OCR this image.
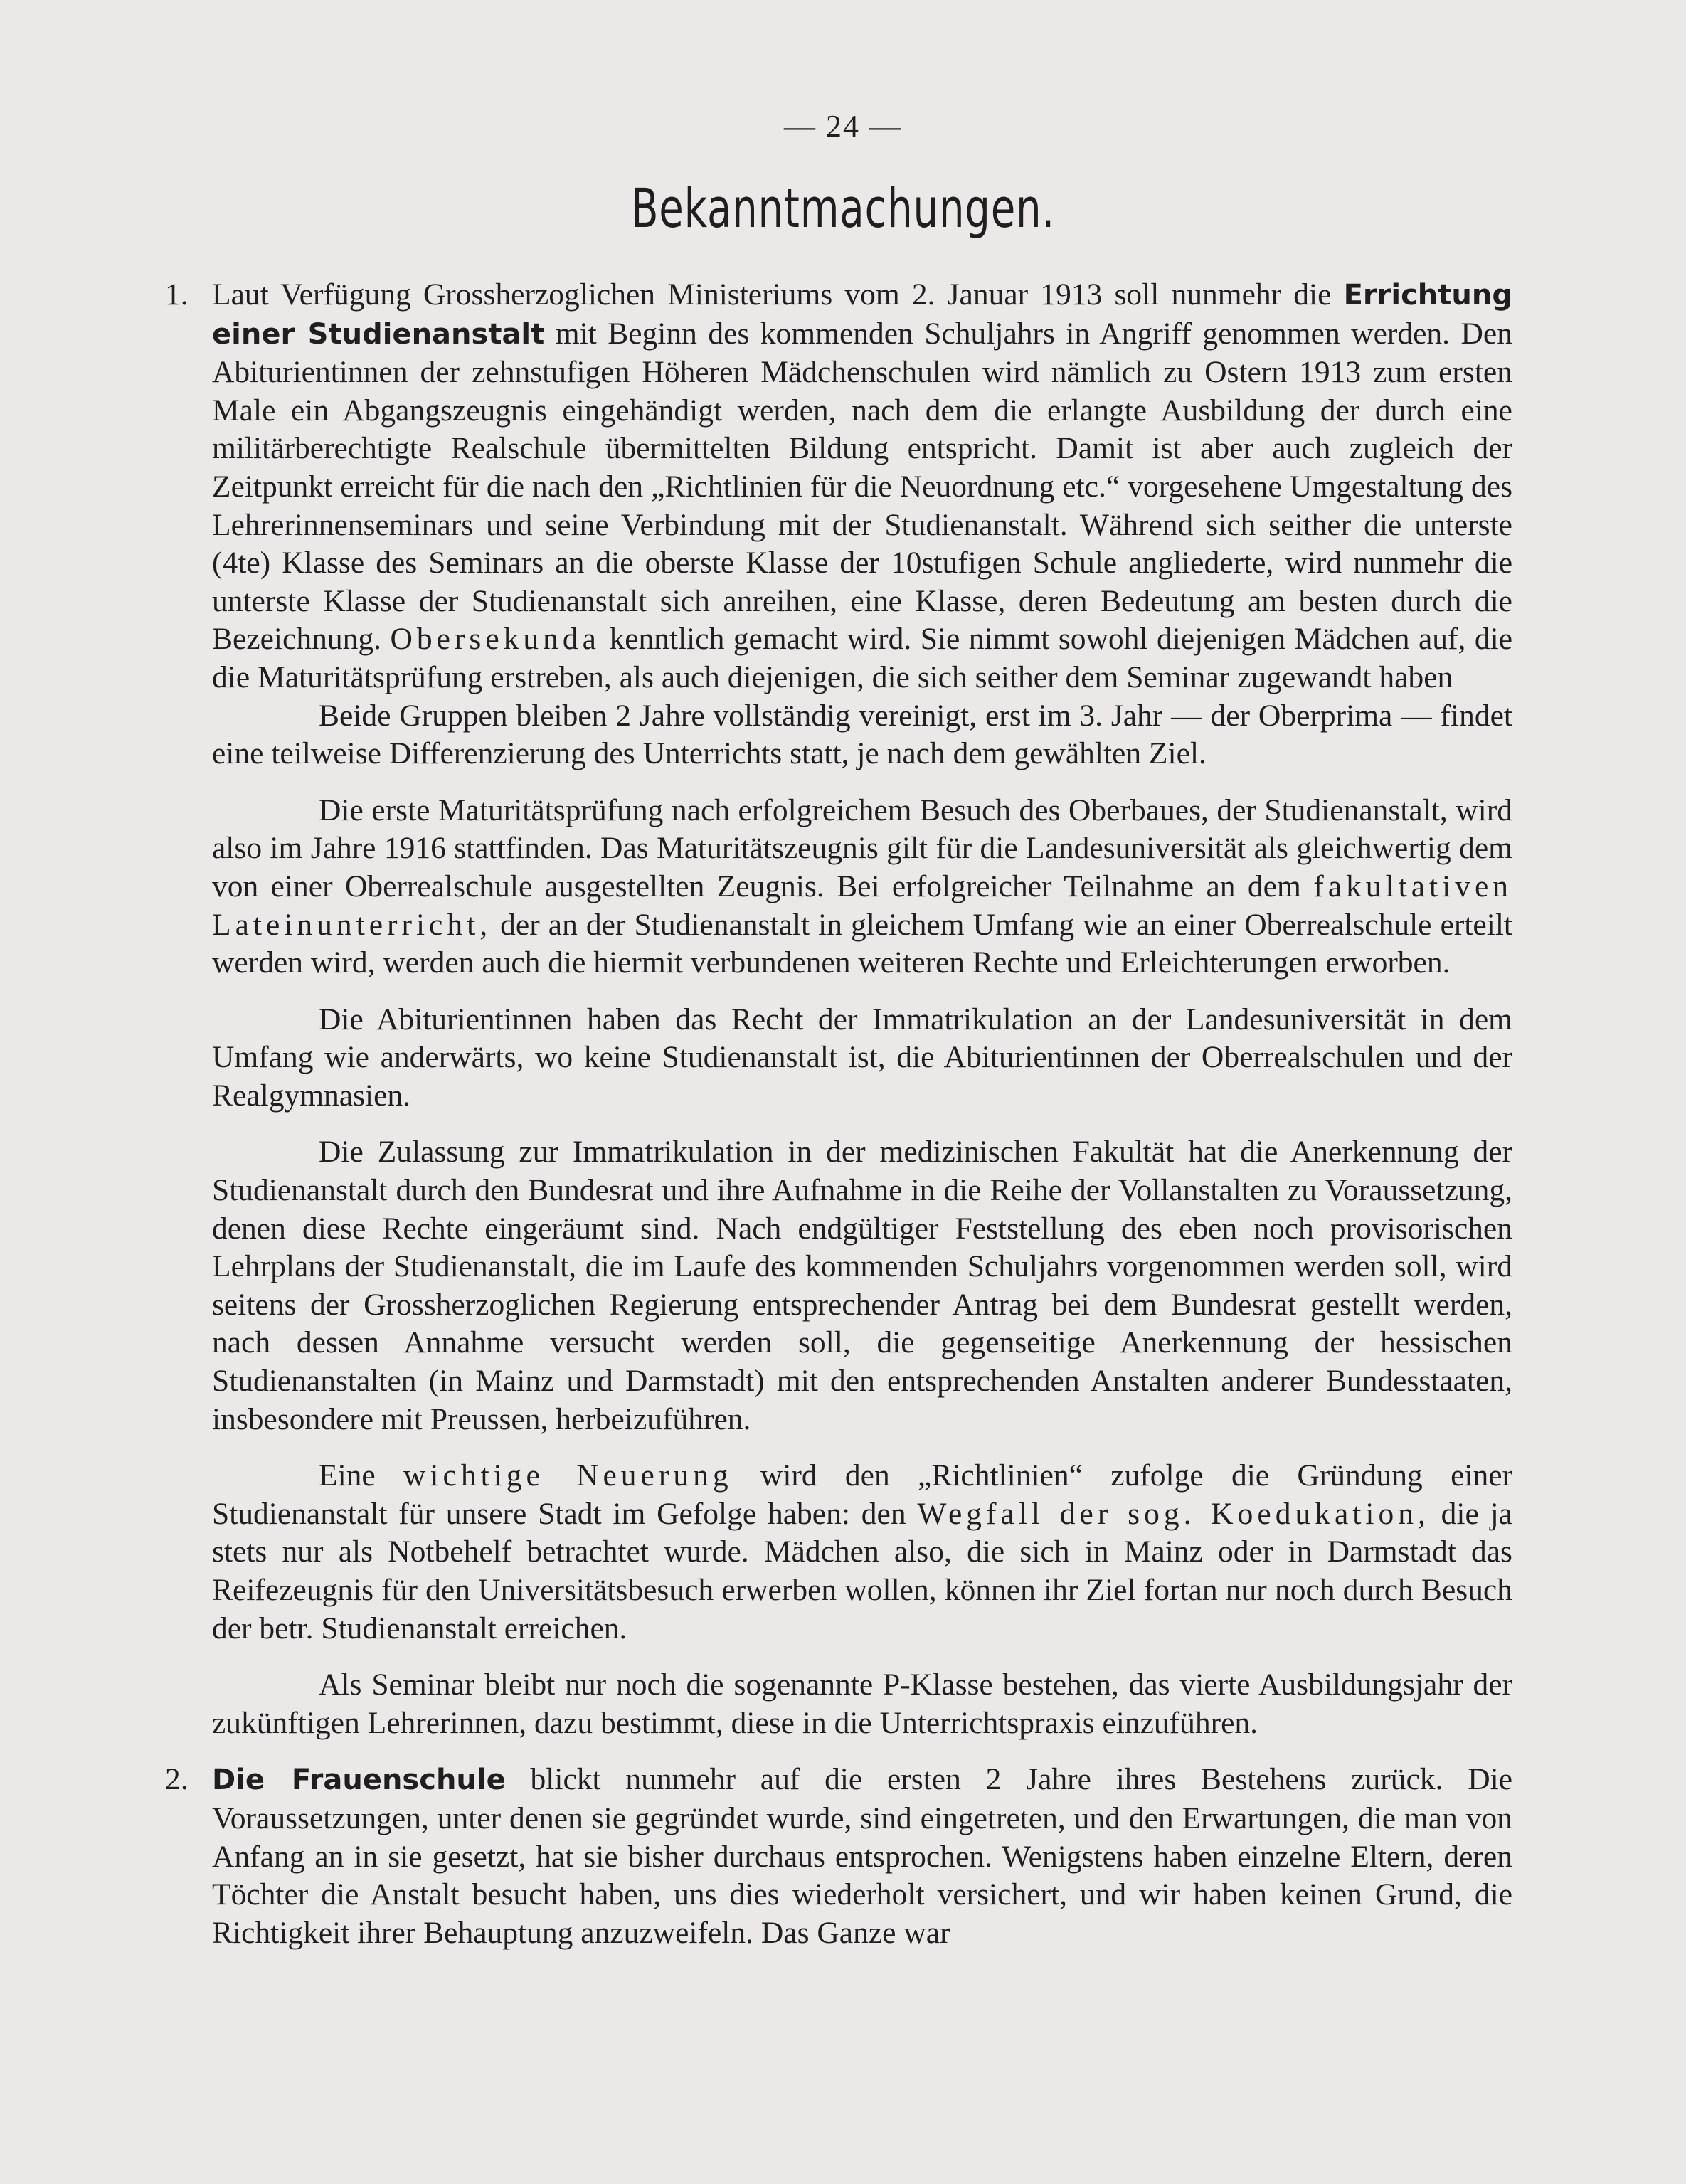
— 24 —
Bekanntmachungen.
1. Laut Verfügung Grossherzoglichen Ministeriums vom 2. Januar 1913 soll nunmehr die Errichtung einer Studienanstalt mit Beginn des kommenden Schuljahrs in Angriff genommen werden. Den Abiturientinnen der zehnstufigen Höheren Mädchenschulen wird nämlich zu Ostern 1913 zum ersten Male ein Abgangszeugnis eingehändigt werden, nach dem die erlangte Ausbildung der durch eine militärberechtigte Realschule übermittelten Bildung entspricht. Damit ist aber auch zugleich der Zeitpunkt erreicht für die nach den „Richtlinien für die Neuordnung etc.“ vorgesehene Umgestaltung des Lehrerinnenseminars und seine Verbindung mit der Studienanstalt. Während sich seither die unterste (4te) Klasse des Seminars an die oberste Klasse der 10stufigen Schule angliederte, wird nunmehr die unterste Klasse der Studienanstalt sich anreihen, eine Klasse, deren Bedeutung am besten durch die Bezeichnung. Obersekunda kenntlich gemacht wird. Sie nimmt sowohl diejenigen Mädchen auf, die die Maturitätsprüfung erstreben, als auch diejenigen, die sich seither dem Seminar zugewandt haben

Beide Gruppen bleiben 2 Jahre vollständig vereinigt, erst im 3. Jahr — der Oberprima — findet eine teilweise Differenzierung des Unterrichts statt, je nach dem gewählten Ziel.

Die erste Maturitätsprüfung nach erfolgreichem Besuch des Oberbaues, der Studienanstalt, wird also im Jahre 1916 stattfinden. Das Maturitätszeugnis gilt für die Landesuniversität als gleichwertig dem von einer Oberrealschule ausgestellten Zeugnis. Bei erfolgreicher Teilnahme an dem fakultativen Lateinunterricht, der an der Studienanstalt in gleichem Umfang wie an einer Oberrealschule erteilt werden wird, werden auch die hiermit verbundenen weiteren Rechte und Erleichterungen erworben.

Die Abiturientinnen haben das Recht der Immatrikulation an der Landesuniversität in dem Umfang wie anderwärts, wo keine Studienanstalt ist, die Abiturientinnen der Oberrealschulen und der Realgymnasien.

Die Zulassung zur Immatrikulation in der medizinischen Fakultät hat die Anerkennung der Studienanstalt durch den Bundesrat und ihre Aufnahme in die Reihe der Vollanstalten zu Voraussetzung, denen diese Rechte eingeräumt sind. Nach endgültiger Feststellung des eben noch provisorischen Lehrplans der Studienanstalt, die im Laufe des kommenden Schuljahrs vorgenommen werden soll, wird seitens der Grossherzoglichen Regierung entsprechender Antrag bei dem Bundesrat gestellt werden, nach dessen Annahme versucht werden soll, die gegenseitige Anerkennung der hessischen Studienanstalten (in Mainz und Darmstadt) mit den entsprechenden Anstalten anderer Bundesstaaten, insbesondere mit Preussen, herbeizuführen.

Eine wichtige Neuerung wird den „Richtlinien“ zufolge die Gründung einer Studienanstalt für unsere Stadt im Gefolge haben: den Wegfall der sog. Koedukation, die ja stets nur als Notbehelf betrachtet wurde. Mädchen also, die sich in Mainz oder in Darmstadt das Reifezeugnis für den Universitätsbesuch erwerben wollen, können ihr Ziel fortan nur noch durch Besuch der betr. Studienanstalt erreichen.

Als Seminar bleibt nur noch die sogenannte P-Klasse bestehen, das vierte Ausbildungsjahr der zukünftigen Lehrerinnen, dazu bestimmt, diese in die Unterrichtspraxis einzuführen.

2. Die Frauenschule blickt nunmehr auf die ersten 2 Jahre ihres Bestehens zurück. Die Voraussetzungen, unter denen sie gegründet wurde, sind eingetreten, und den Erwartungen, die man von Anfang an in sie gesetzt, hat sie bisher durchaus entsprochen. Wenigstens haben einzelne Eltern, deren Töchter die Anstalt besucht haben, uns dies wiederholt versichert, und wir haben keinen Grund, die Richtigkeit ihrer Behauptung anzuzweifeln. Das Ganze war
